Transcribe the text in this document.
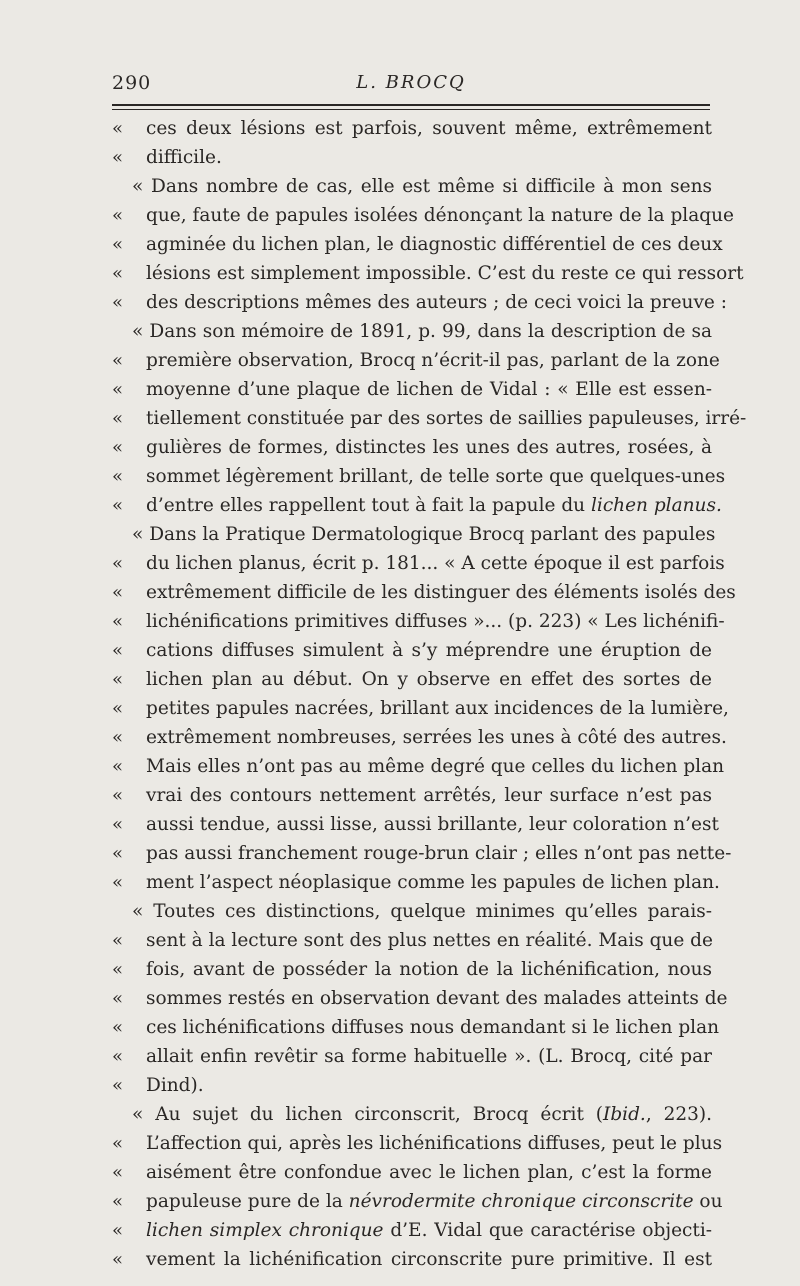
290	L. BROCQ
« ces deux lésions est parfois, souvent même, extrêmement
« difficile.
« Dans nombre de cas, elle est même si difficile à mon sens
« que, faute de papules isolées dénonçant la nature de la plaque
« agminée du lichen plan, le diagnostic différentiel de ces deux
« lésions est simplement impossible. C’est du reste ce qui ressort
« des descriptions mêmes des auteurs ; de ceci voici la preuve :
« Dans son mémoire de 1891, p. 99, dans la description de sa
« première observation, Brocq n’écrit-il pas, parlant de la zone
« moyenne d’une plaque de lichen de Vidal : « Elle est essen-
« tiellement constituée par des sortes de saillies papuleuses, irré-
« gulières de formes, distinctes les unes des autres, rosées, à
« sommet légèrement brillant, de telle sorte que quelques-unes
« d’entre elles rappellent tout à fait la papule du lichen planus.
« Dans la Pratique Dermatologique Brocq parlant des papules
« du lichen planus, écrit p. 181... « A cette époque il est parfois
« extrêmement difficile de les distinguer des éléments isolés des
« lichénifications primitives diffuses »... (p. 223) « Les lichénifi-
« cations diffuses simulent à s’y méprendre une éruption de
« lichen plan au début. On y observe en effet des sortes de
« petites papules nacrées, brillant aux incidences de la lumière,
« extrêmement nombreuses, serrées les unes à côté des autres.
« Mais elles n’ont pas au même degré que celles du lichen plan
« vrai des contours nettement arrêtés, leur surface n’est pas
« aussi tendue, aussi lisse, aussi brillante, leur coloration n’est
« pas aussi franchement rouge-brun clair ; elles n’ont pas nette-
« ment l’aspect néoplasique comme les papules de lichen plan.
« Toutes ces distinctions, quelque minimes qu’elles parais-
« sent à la lecture sont des plus nettes en réalité. Mais que de
« fois, avant de posséder la notion de la lichénification, nous
« sommes restés en observation devant des malades atteints de
« ces lichénifications diffuses nous demandant si le lichen plan
« allait enfin revêtir sa forme habituelle ». (L. Brocq, cité par
« Dind).
« Au sujet du lichen circonscrit, Brocq écrit (Ibid., 223).
« L’affection qui, après les lichénifications diffuses, peut le plus
« aisément être confondue avec le lichen plan, c’est la forme
« papuleuse pure de la névrodermite chronique circonscrite ou
« lichen simplex chronique d’E. Vidal que caractérise objecti-
« vement la lichénification circonscrite pure primitive. Il est
